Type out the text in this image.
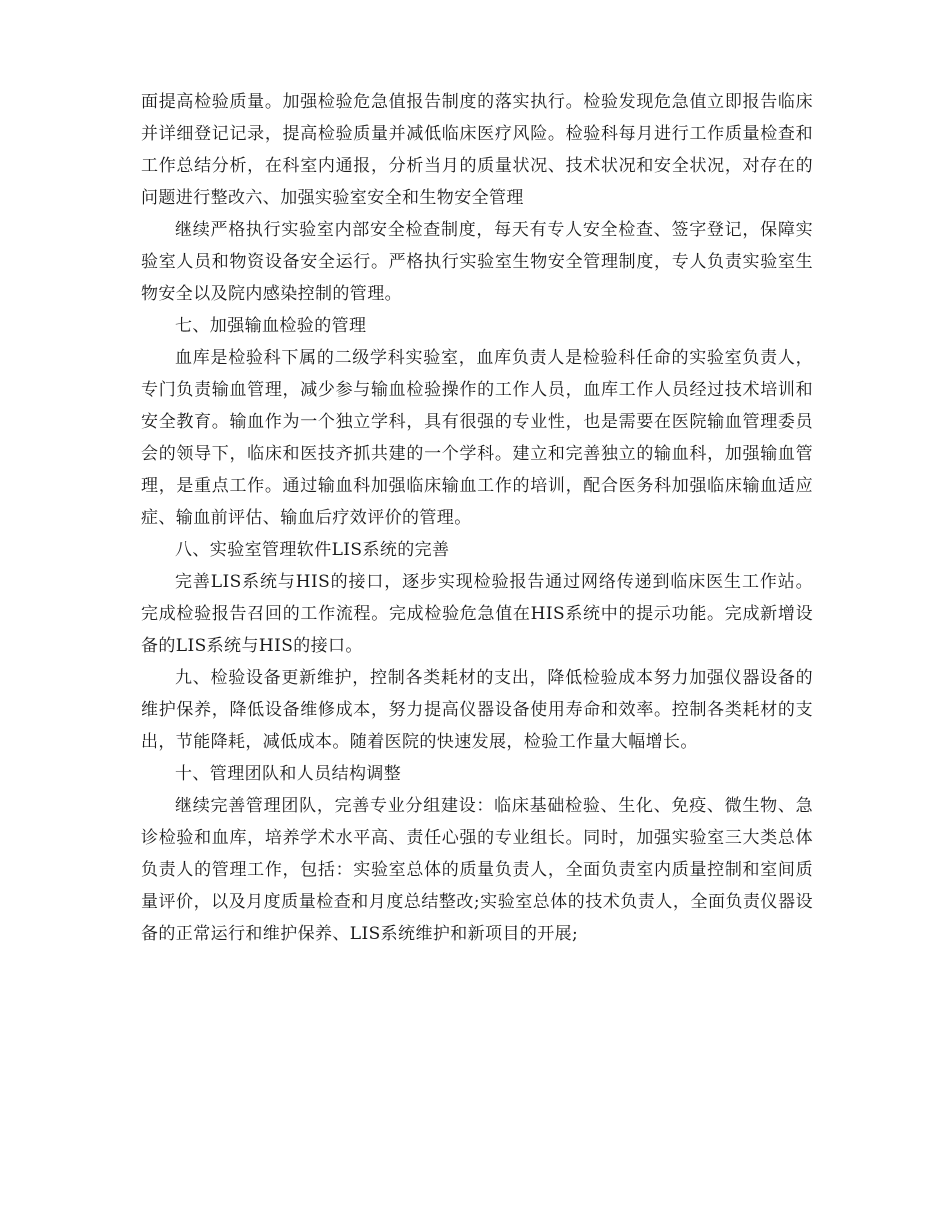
面提高检验质量。加强检验危急值报告制度的落实执行。检验发现危急值立即报告临床并详细登记记录，提高检验质量并减低临床医疗风险。检验科每月进行工作质量检查和工作总结分析，在科室内通报，分析当月的质量状况、技术状况和安全状况，对存在的问题进行整改六、加强实验室安全和生物安全管理

继续严格执行实验室内部安全检查制度，每天有专人安全检查、签字登记，保障实验室人员和物资设备安全运行。严格执行实验室生物安全管理制度，专人负责实验室生物安全以及院内感染控制的管理。

七、加强输血检验的管理

血库是检验科下属的二级学科实验室，血库负责人是检验科任命的实验室负责人，专门负责输血管理，减少参与输血检验操作的工作人员，血库工作人员经过技术培训和安全教育。输血作为一个独立学科，具有很强的专业性，也是需要在医院输血管理委员会的领导下，临床和医技齐抓共建的一个学科。建立和完善独立的输血科，加强输血管理，是重点工作。通过输血科加强临床输血工作的培训，配合医务科加强临床输血适应症、输血前评估、输血后疗效评价的管理。

八、实验室管理软件LIS系统的完善

完善LIS系统与HIS的接口，逐步实现检验报告通过网络传递到临床医生工作站。完成检验报告召回的工作流程。完成检验危急值在HIS系统中的提示功能。完成新增设备的LIS系统与HIS的接口。

九、检验设备更新维护，控制各类耗材的支出，降低检验成本努力加强仪器设备的维护保养，降低设备维修成本，努力提高仪器设备使用寿命和效率。控制各类耗材的支出，节能降耗，减低成本。随着医院的快速发展，检验工作量大幅增长。

十、管理团队和人员结构调整

继续完善管理团队，完善专业分组建设：临床基础检验、生化、免疫、微生物、急诊检验和血库，培养学术水平高、责任心强的专业组长。同时，加强实验室三大类总体负责人的管理工作，包括：实验室总体的质量负责人，全面负责室内质量控制和室间质量评价，以及月度质量检查和月度总结整改;实验室总体的技术负责人，全面负责仪器设备的正常运行和维护保养、LIS系统维护和新项目的开展;
